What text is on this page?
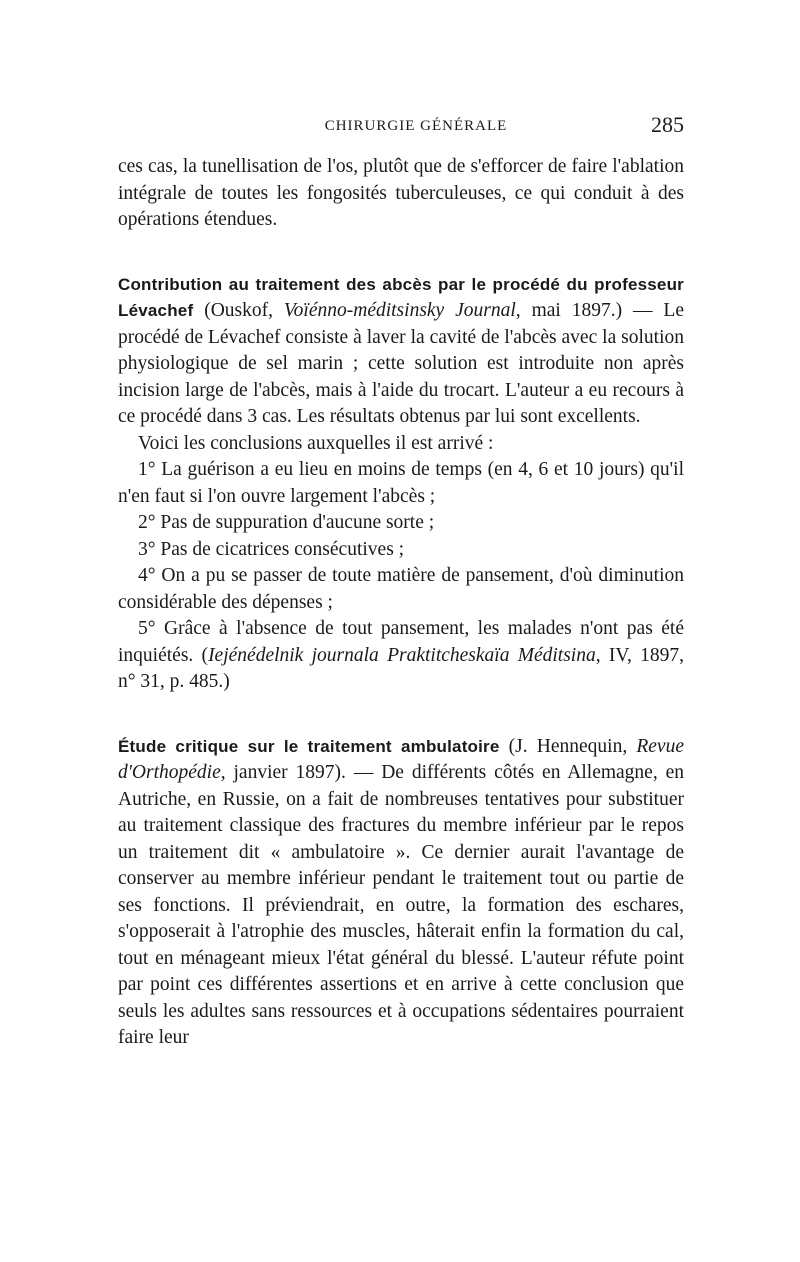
CHIRURGIE GÉNÉRALE	285

ces cas, la tunellisation de l'os, plutôt que de s'efforcer de faire l'ablation intégrale de toutes les fongosités tuberculeuses, ce qui conduit à des opérations étendues.

Contribution au traitement des abcès par le procédé du professeur Lévachef (Ouskof, Voïénno-méditsinsky Journal, mai 1897.) — Le procédé de Lévachef consiste à laver la cavité de l'abcès avec la solution physiologique de sel marin ; cette solution est introduite non après incision large de l'abcès, mais à l'aide du trocart. L'auteur a eu recours à ce procédé dans 3 cas. Les résultats obtenus par lui sont excellents.

Voici les conclusions auxquelles il est arrivé :

1° La guérison a eu lieu en moins de temps (en 4, 6 et 10 jours) qu'il n'en faut si l'on ouvre largement l'abcès ;

2° Pas de suppuration d'aucune sorte ;

3° Pas de cicatrices consécutives ;

4° On a pu se passer de toute matière de pansement, d'où diminution considérable des dépenses ;

5° Grâce à l'absence de tout pansement, les malades n'ont pas été inquiétés. (Iejénédelnik journala Praktitcheskaïa Méditsina, IV, 1897, n° 31, p. 485.)

Étude critique sur le traitement ambulatoire (J. Hennequin, Revue d'Orthopédie, janvier 1897). — De différents côtés en Allemagne, en Autriche, en Russie, on a fait de nombreuses tentatives pour substituer au traitement classique des fractures du membre inférieur par le repos un traitement dit « ambulatoire ». Ce dernier aurait l'avantage de conserver au membre inférieur pendant le traitement tout ou partie de ses fonctions. Il préviendrait, en outre, la formation des eschares, s'opposerait à l'atrophie des muscles, hâterait enfin la formation du cal, tout en ménageant mieux l'état général du blessé. L'auteur réfute point par point ces différentes assertions et en arrive à cette conclusion que seuls les adultes sans ressources et à occupations sédentaires pourraient faire leur
